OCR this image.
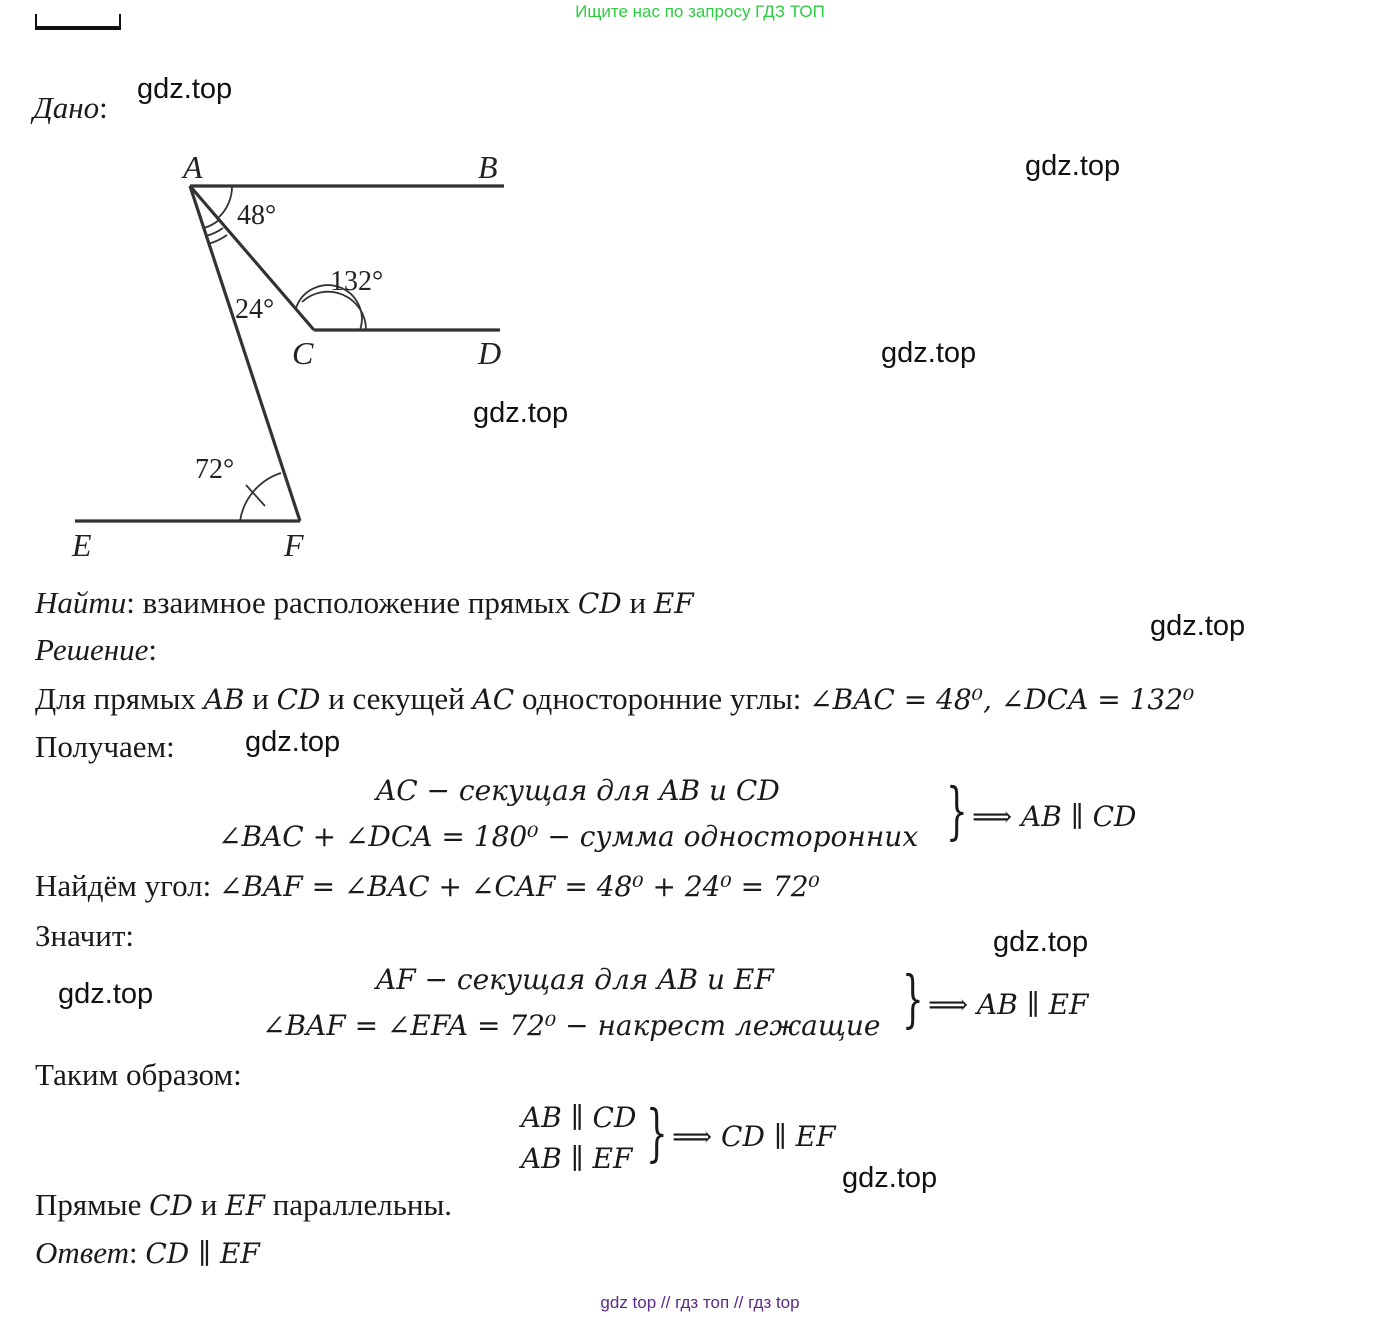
Ищите нас по запросу ГДЗ ТОП
gdz.top
gdz.top
gdz.top
gdz.top
gdz.top
gdz.top
gdz.top
gdz.top
gdz.top
Дано:
A	B
C	D
E	F
48°
24°
132°
72°
Найти: взаимное расположение прямых CD и EF
Решение:
Для прямых AB и CD и секущей AC односторонние углы: ∠BAC = 48⁰, ∠DCA = 132⁰
Получаем:
AC − секущая для AB и CD
∠BAC + ∠DCA = 180⁰ − сумма односторонних } ⟹ AB ∥ CD
Найдём угол: ∠BAF = ∠BAC + ∠CAF = 48⁰ + 24⁰ = 72⁰
Значит:
AF − секущая для AB и EF
∠BAF = ∠EFA = 72⁰ − накрест лежащие } ⟹ AB ∥ EF
Таким образом:
AB ∥ CD
AB ∥ EF } ⟹ CD ∥ EF
Прямые CD и EF параллельны.
Ответ: CD ∥ EF
gdz top // гдз топ // гдз top
